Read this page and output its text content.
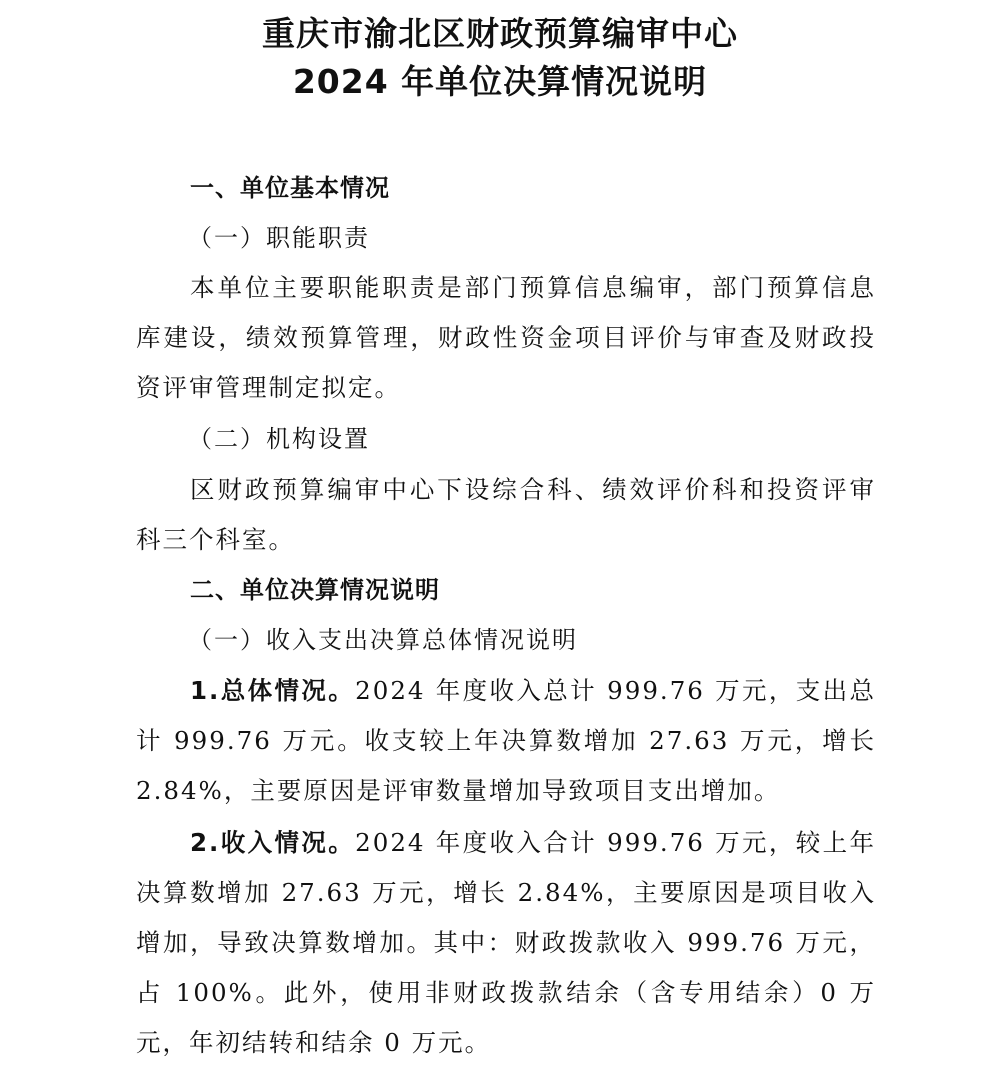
重庆市渝北区财政预算编审中心
2024 年单位决算情况说明
一、单位基本情况
（一）职能职责

本单位主要职能职责是部门预算信息编审，部门预算信息库建设，绩效预算管理，财政性资金项目评价与审查及财政投资评审管理制定拟定。

（二）机构设置

区财政预算编审中心下设综合科、绩效评价科和投资评审科三个科室。

二、单位决算情况说明
（一）收入支出决算总体情况说明

1.总体情况。2024 年度收入总计 999.76 万元，支出总计 999.76 万元。收支较上年决算数增加 27.63 万元，增长 2.84%，主要原因是评审数量增加导致项目支出增加。

2.收入情况。2024 年度收入合计 999.76 万元，较上年决算数增加 27.63 万元，增长 2.84%，主要原因是项目收入增加，导致决算数增加。其中：财政拨款收入 999.76 万元，占 100%。此外，使用非财政拨款结余（含专用结余）0 万元，年初结转和结余 0 万元。
